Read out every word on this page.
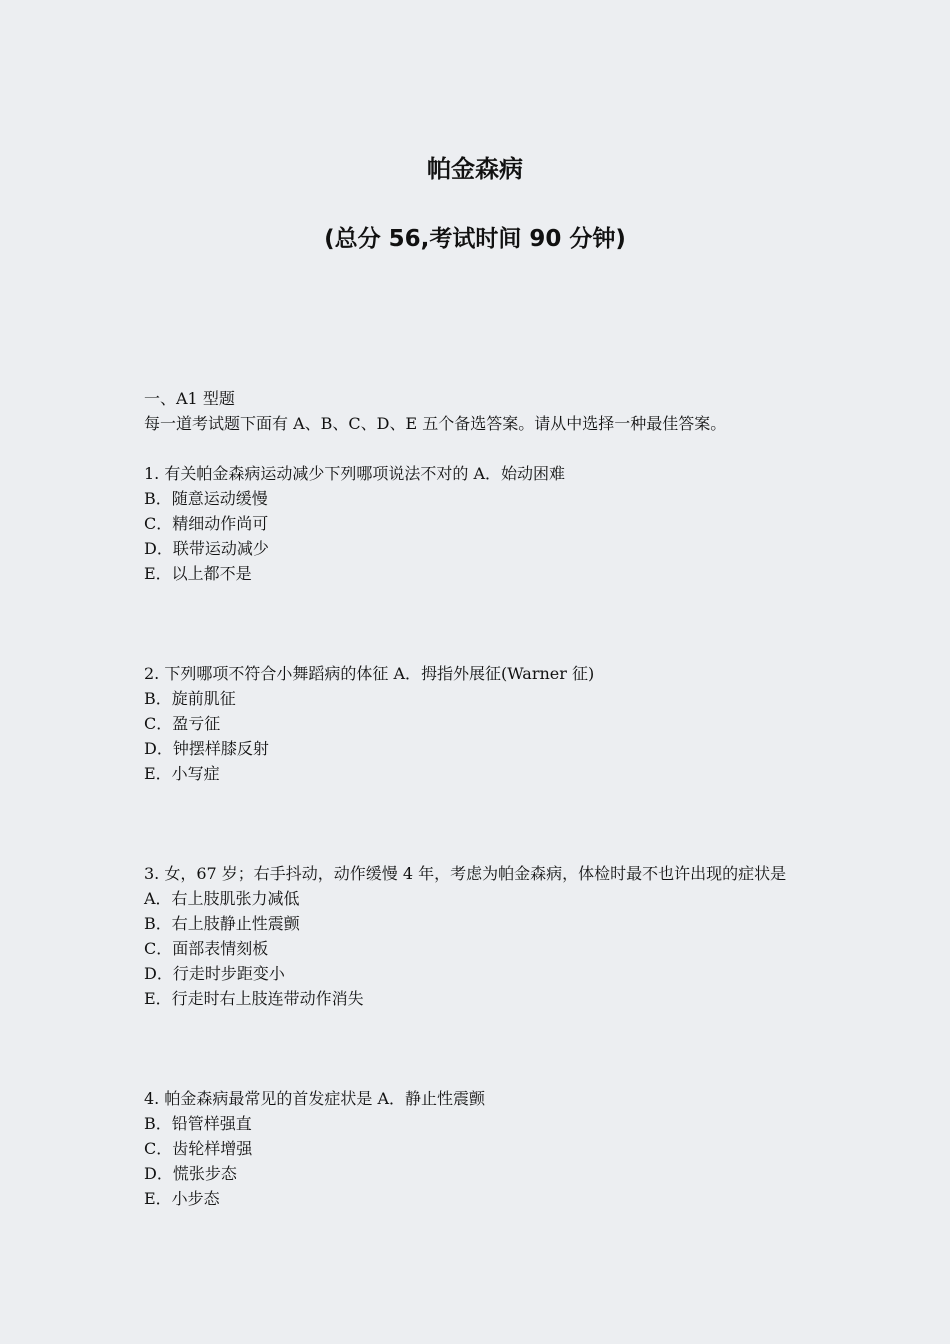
帕金森病
(总分 56,考试时间 90 分钟)
一、A1 型题
每一道考试题下面有 A、B、C、D、E 五个备选答案。请从中选择一种最佳答案。
1. 有关帕金森病运动减少下列哪项说法不对的 A．始动困难
B．随意运动缓慢
C．精细动作尚可
D．联带运动减少
E．以上都不是
2. 下列哪项不符合小舞蹈病的体征 A．拇指外展征(Warner 征)
B．旋前肌征
C．盈亏征
D．钟摆样膝反射
E．小写症
3. 女，67 岁；右手抖动，动作缓慢 4 年，考虑为帕金森病，体检时最不也许出现的症状是
A．右上肢肌张力减低
B．右上肢静止性震颤
C．面部表情刻板
D．行走时步距变小
E．行走时右上肢连带动作消失
4. 帕金森病最常见的首发症状是 A．静止性震颤
B．铅管样强直
C．齿轮样增强
D．慌张步态
E．小步态
